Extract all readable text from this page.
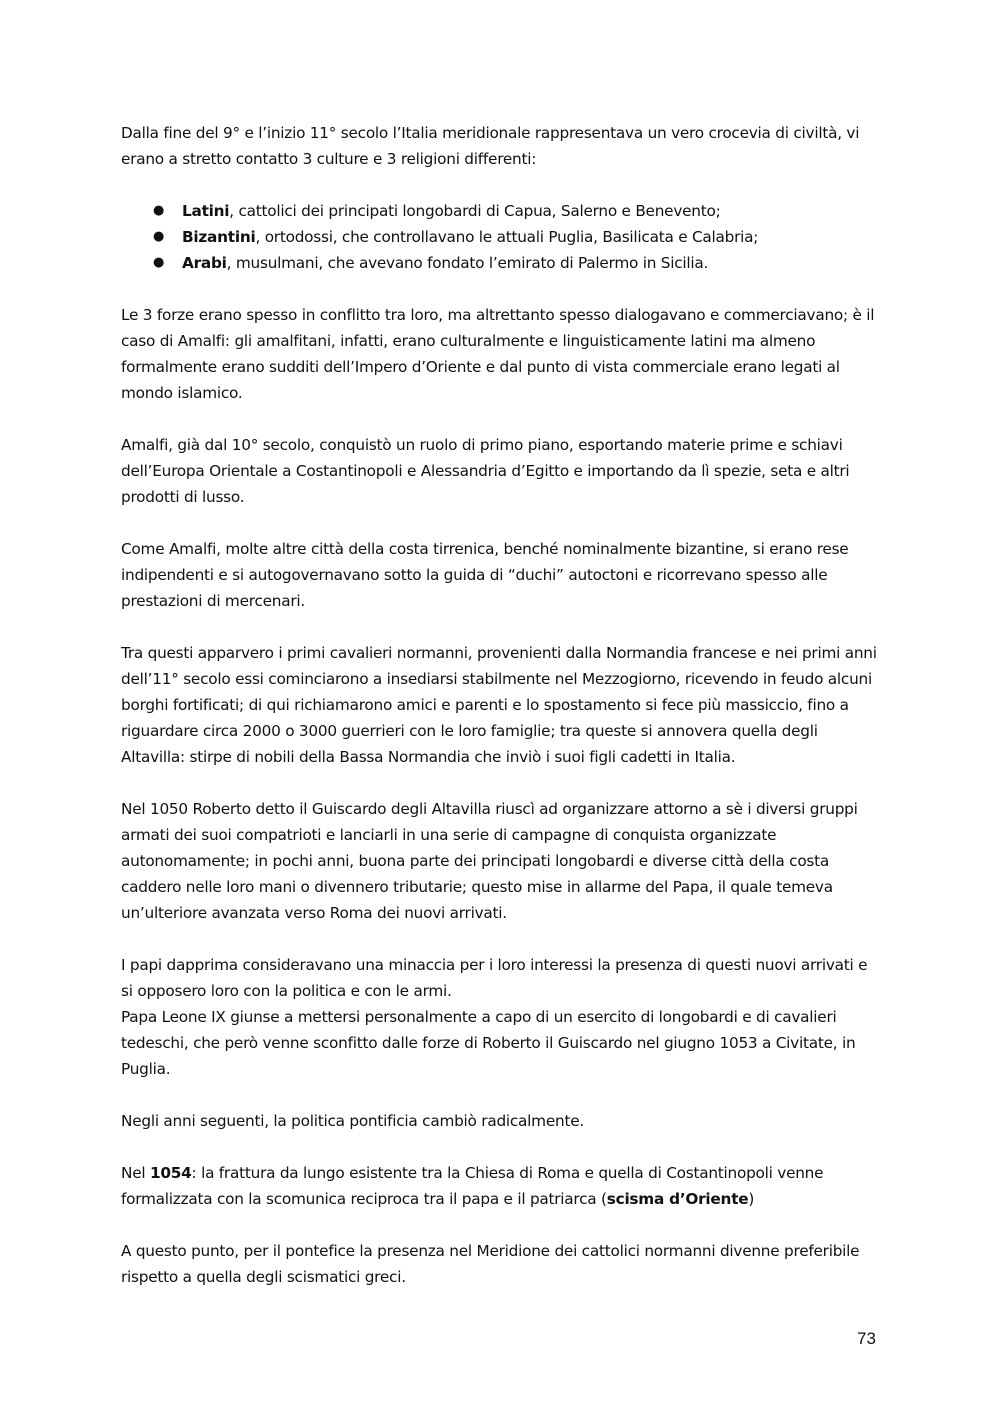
Dalla fine del 9° e l’inizio 11° secolo l’Italia meridionale rappresentava un vero crocevia di civiltà, vi erano a stretto contatto 3 culture e 3 religioni differenti:

● Latini, cattolici dei principati longobardi di Capua, Salerno e Benevento;
● Bizantini, ortodossi, che controllavano le attuali Puglia, Basilicata e Calabria;
● Arabi, musulmani, che avevano fondato l’emirato di Palermo in Sicilia.

Le 3 forze erano spesso in conflitto tra loro, ma altrettanto spesso dialogavano e commerciavano; è il caso di Amalfi: gli amalfitani, infatti, erano culturalmente e linguisticamente latini ma almeno formalmente erano sudditi dell’Impero d’Oriente e dal punto di vista commerciale erano legati al mondo islamico.

Amalfi, già dal 10° secolo, conquistò un ruolo di primo piano, esportando materie prime e schiavi dell’Europa Orientale a Costantinopoli e Alessandria d’Egitto e importando da lì spezie, seta e altri prodotti di lusso.

Come Amalfi, molte altre città della costa tirrenica, benché nominalmente bizantine, si erano rese indipendenti e si autogovernavano sotto la guida di “duchi” autoctoni e ricorrevano spesso alle prestazioni di mercenari.

Tra questi apparvero i primi cavalieri normanni, provenienti dalla Normandia francese e nei primi anni dell’11° secolo essi cominciarono a insediarsi stabilmente nel Mezzogiorno, ricevendo in feudo alcuni borghi fortificati; di qui richiamarono amici e parenti e lo spostamento si fece più massiccio, fino a riguardare circa 2000 o 3000 guerrieri con le loro famiglie; tra queste si annovera quella degli Altavilla: stirpe di nobili della Bassa Normandia che inviò i suoi figli cadetti in Italia.

Nel 1050 Roberto detto il Guiscardo degli Altavilla riuscì ad organizzare attorno a sè i diversi gruppi armati dei suoi compatrioti e lanciarli in una serie di campagne di conquista organizzate autonomamente; in pochi anni, buona parte dei principati longobardi e diverse città della costa caddero nelle loro mani o divennero tributarie; questo mise in allarme del Papa, il quale temeva un’ulteriore avanzata verso Roma dei nuovi arrivati.

I papi dapprima consideravano una minaccia per i loro interessi la presenza di questi nuovi arrivati e si opposero loro con la politica e con le armi.

Papa Leone IX giunse a mettersi personalmente a capo di un esercito di longobardi e di cavalieri tedeschi, che però venne sconfitto dalle forze di Roberto il Guiscardo nel giugno 1053 a Civitate, in Puglia.

Negli anni seguenti, la politica pontificia cambiò radicalmente.

Nel 1054: la frattura da lungo esistente tra la Chiesa di Roma e quella di Costantinopoli venne formalizzata con la scomunica reciproca tra il papa e il patriarca (scisma d’Oriente)

A questo punto, per il pontefice la presenza nel Meridione dei cattolici normanni divenne preferibile rispetto a quella degli scismatici greci.

73
